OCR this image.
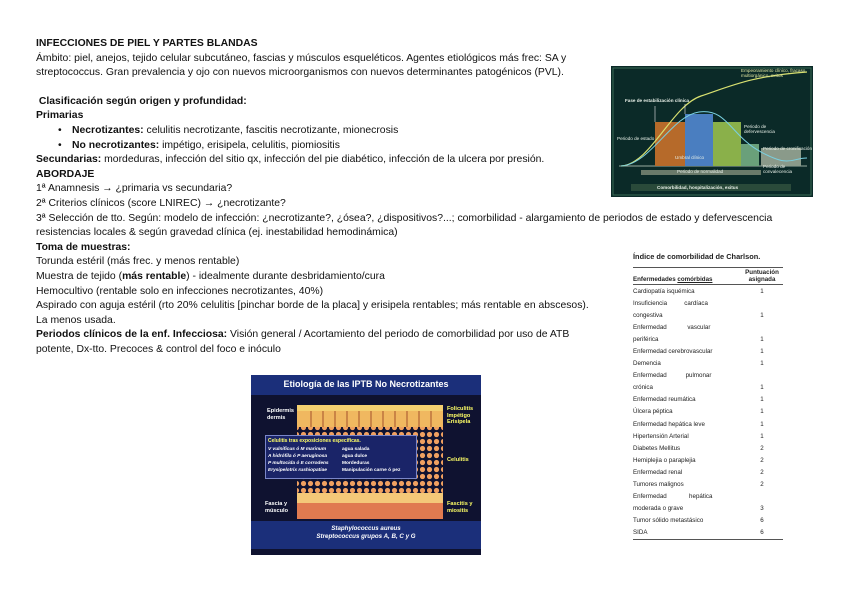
INFECCIONES DE PIEL Y PARTES BLANDAS
Ámbito: piel, anejos, tejido celular subcutáneo, fascias y músculos esqueléticos. Agentes etiológicos más frec: SA y
streptococcus. Gran prevalencia y ojo con nuevos microorganismos con nuevos determinantes patogénicos (PVL).
Clasificación según origen y profundidad:
Primarias
• Necrotizantes: celulitis necrotizante, fascitis necrotizante, mionecrosis
• No necrotizantes: impétigo, erisipela, celulitis, piomiositis
Secundarias: mordeduras, infección del sitio qx, infección del pie diabético, infección de la ulcera por presión.
ABORDAJE
1ª Anamnesis → ¿primaria vs secundaria?
2ª Criterios clínicos (score LNIREC) → ¿necrotizante?
3ª Selección de tto. Según: modelo de infección: ¿necrotizante?, ¿ósea?, ¿dispositivos?...; comorbilidad - alargamiento de periodos de estado y defervescencia
resistencias locales & según gravedad clínica (ej. inestabilidad hemodinámica)
Toma de muestras:
Torunda estéril (más frec. y menos rentable)
Muestra de tejido (más rentable) - idealmente durante desbridamiento/cura
Hemocultivo (rentable solo en infecciones necrotizantes, 40%)
Aspirado con aguja estéril (rto 20% celulitis [pinchar borde de la placa] y erisipela rentables; más rentable en abscesos). La menos usada.
Periodos clínicos de la enf. Infecciosa: Visión general / Acortamiento del periodo de comorbilidad por uso de ATB potente, Dx-tto. Precoces & control del foco e inóculo
Empeoramiento clínico, fracaso multiorgánico, exitus
Fase de estabilización clínica
Periodo de estado
Periodo de defervescencia
Umbral clínico
Periodo de cronificación
Periodo de convalecencia
Periodo de normalidad
Comorbilidad, hospitalización, exitus
Índice de comorbilidad de Charlson.
Enfermedades comórbidas	Puntuación asignada
Cardiopatía isquémica	1
Insuficiencia          cardíaca	
congestiva	1
Enfermedad            vascular	
periférica	1
Enfermedad cerebrovascular	1
Demencia	1
Enfermedad           pulmonar	
crónica	1
Enfermedad reumática	1
Úlcera péptica	1
Enfermedad hepática leve	1
Hipertensión Arterial	1
Diabetes Mellitus	2
Hemiplejia o paraplejia	2
Enfermedad renal	2
Tumores malignos	2
Enfermedad             hepática	
moderada o grave	3
Tumor sólido metastásico	6
SIDA	6
Etiología de las IPTB No Necrotizantes
Epidermis dermis
Fascia y músculo
Foliculitis Impétigo Erisipela
Celulitis
Fascitis y miositis
Celulitis tras exposiciones específicas.
V vulnificus ó M marinum	agua salada
A hidrófila ó P aeruginosa	agua dulce
P multocida ó E corrodens	Mordeduras
Erysipelotrix rushiopatiae	Manipulación carne ó pez
Staphylococcus aureus
Streptococcus grupos A, B, C y G
